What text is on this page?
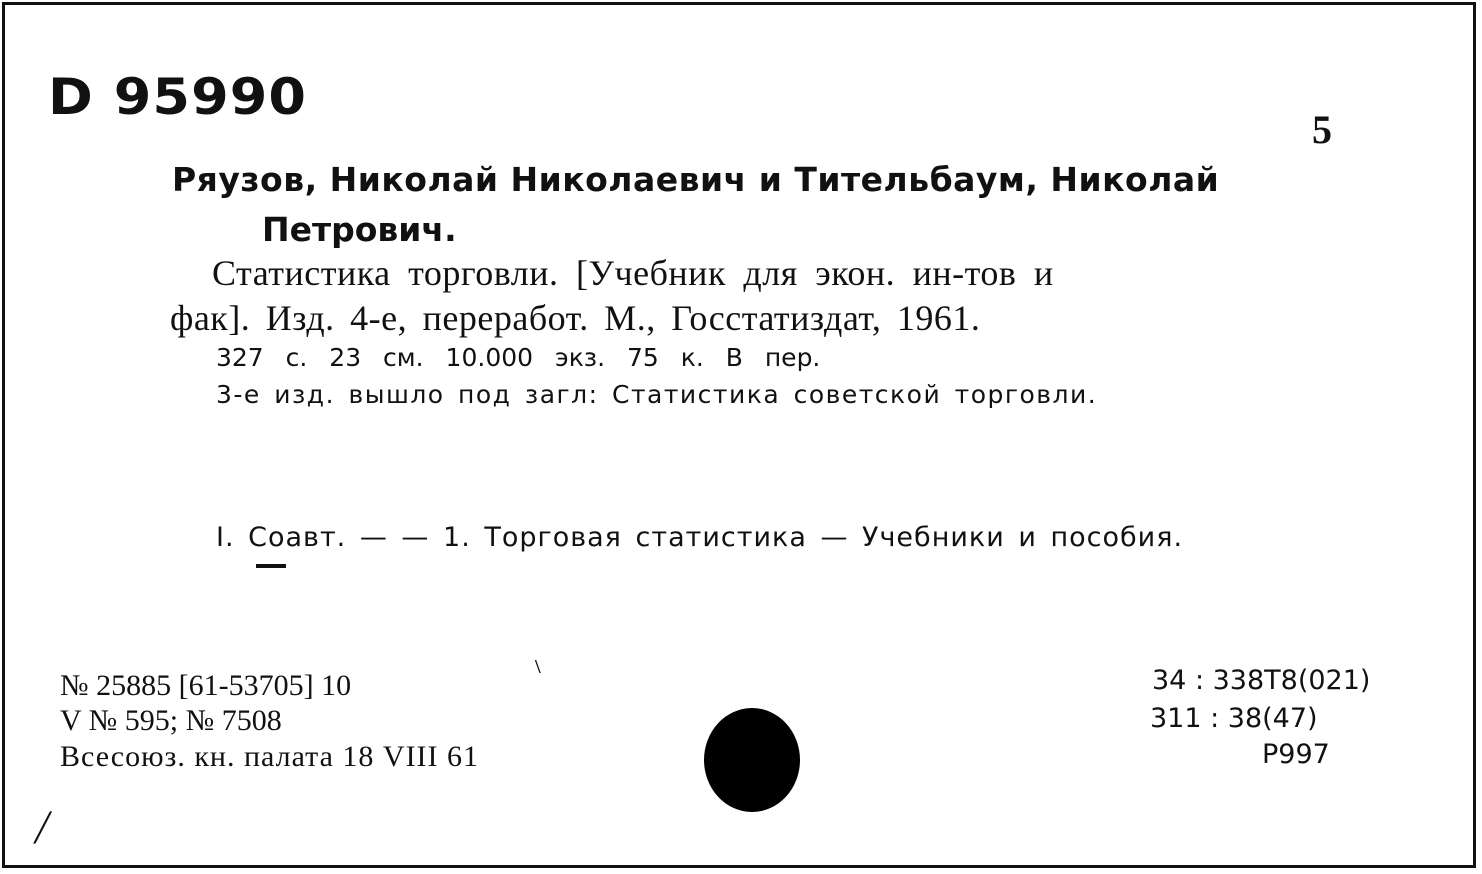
D 95990
5
Ряузов, Николай Николаевич и Тительбаум, Николай
Петрович.
Статистика торговли. [Учебник для экон. ин-тов и
фак]. Изд. 4-е, переработ. М., Госстатиздат, 1961.
327 с. 23 см. 10.000 экз. 75 к. В пер.
3-е изд. вышло под загл: Статистика советской торговли.
I. Соавт. — — 1. Торговая статистика — Учебники и пособия.
\
№ 25885 [61-53705] 10
V № 595; № 7508
Всесоюз. кн. палата 18 VIII 61
/
34 : 338T8(021)
311 : 38(47)
Р997
